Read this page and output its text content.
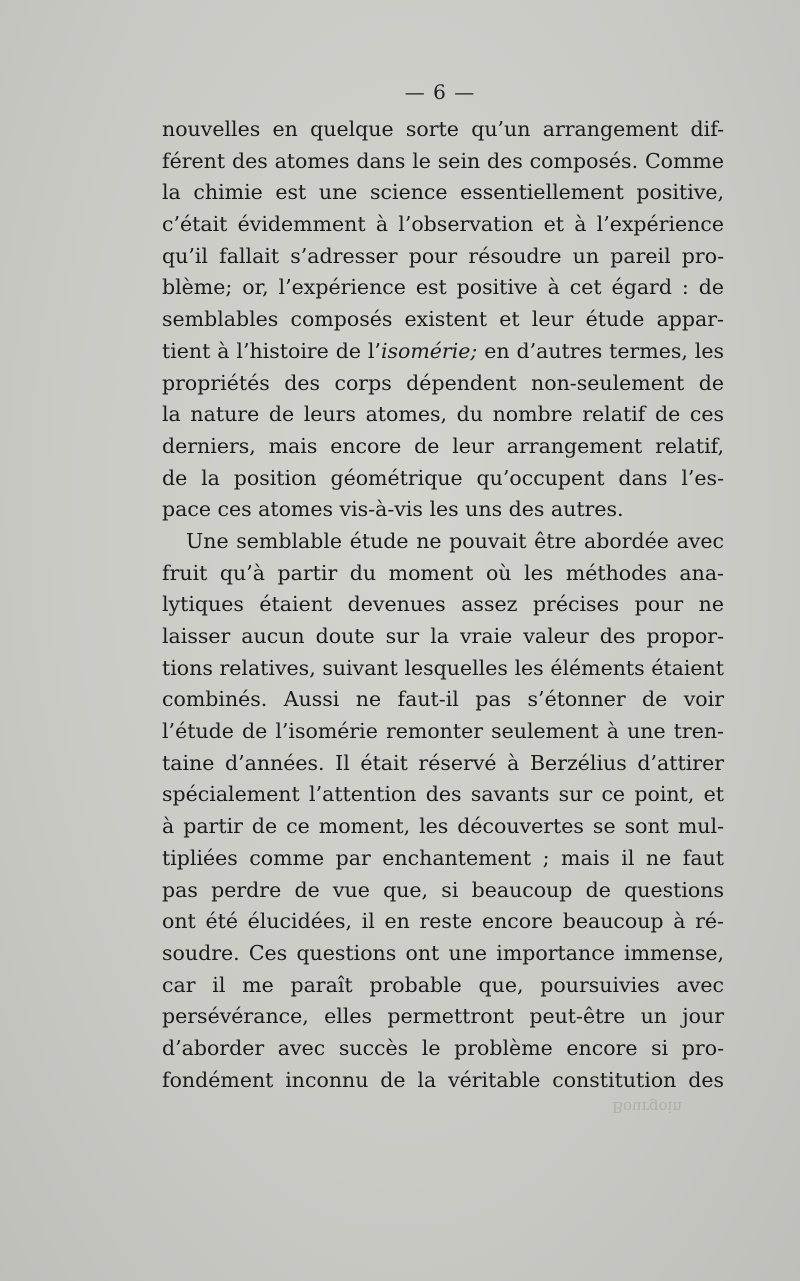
— 6 —
nouvelles en quelque sorte qu’un arrangement dif-
férent des atomes dans le sein des composés. Comme
la chimie est une science essentiellement positive,
c’était évidemment à l’observation et à l’expérience
qu’il fallait s’adresser pour résoudre un pareil pro-
blème; or, l’expérience est positive à cet égard : de
semblables composés existent et leur étude appar-
tient à l’histoire de l’isomérie; en d’autres termes, les
propriétés des corps dépendent non-seulement de
la nature de leurs atomes, du nombre relatif de ces
derniers, mais encore de leur arrangement relatif,
de la position géométrique qu’occupent dans l’es-
pace ces atomes vis-à-vis les uns des autres.
Une semblable étude ne pouvait être abordée avec
fruit qu’à partir du moment où les méthodes ana-
lytiques étaient devenues assez précises pour ne
laisser aucun doute sur la vraie valeur des propor-
tions relatives, suivant lesquelles les éléments étaient
combinés. Aussi ne faut-il pas s’étonner de voir
l’étude de l’isomérie remonter seulement à une tren-
taine d’années. Il était réservé à Berzélius d’attirer
spécialement l’attention des savants sur ce point, et
à partir de ce moment, les découvertes se sont mul-
tipliées comme par enchantement ; mais il ne faut
pas perdre de vue que, si beaucoup de questions
ont été élucidées, il en reste encore beaucoup à ré-
soudre. Ces questions ont une importance immense,
car il me paraît probable que, poursuivies avec
persévérance, elles permettront peut-être un jour
d’aborder avec succès le problème encore si pro-
fondément inconnu de la véritable constitution des
Bourgoin
